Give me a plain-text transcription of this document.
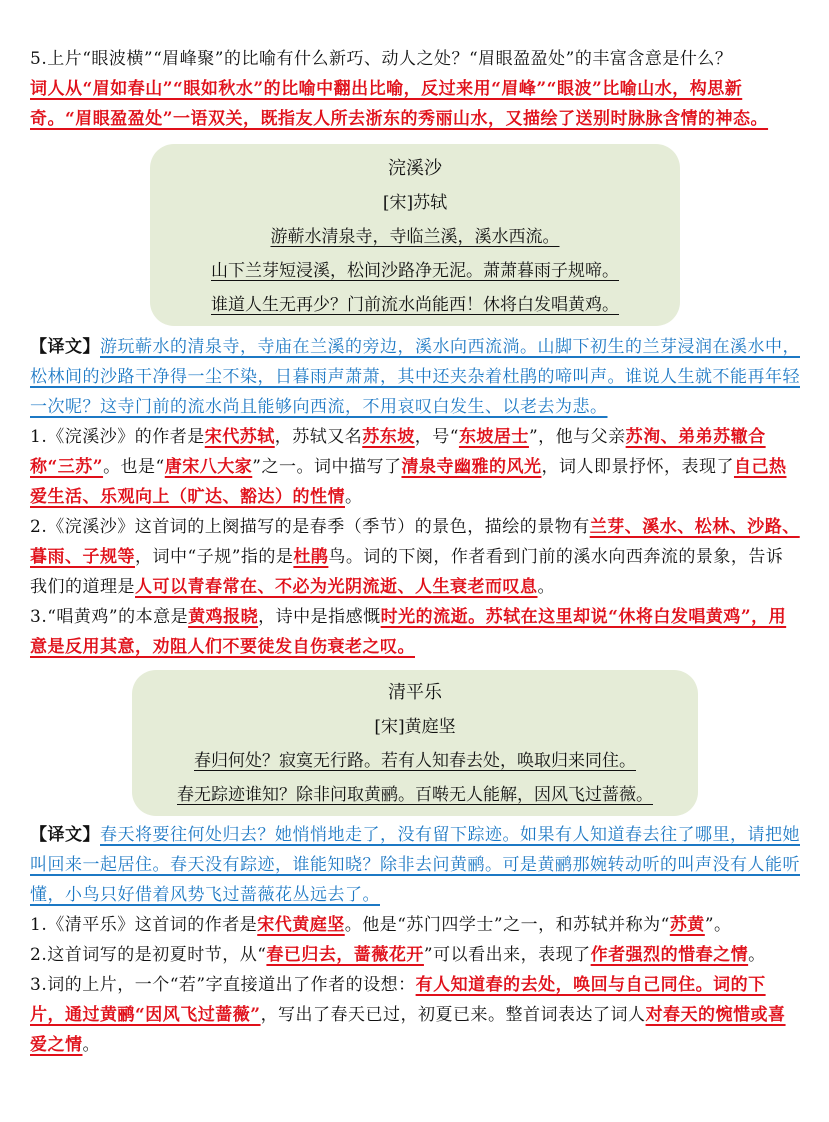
5.上片“眼波横”“眉峰聚”的比喻有什么新巧、动人之处？“眉眼盈盈处”的丰富含意是什么？

词人从“眉如春山”“眼如秋水”的比喻中翻出比喻，反过来用“眉峰”“眼波”比喻山水，构思新奇。“眉眼盈盈处”一语双关，既指友人所去浙东的秀丽山水，又描绘了送别时脉脉含情的神态。

浣溪沙
[宋]苏轼
游蕲水清泉寺，寺临兰溪，溪水西流。
山下兰芽短浸溪，松间沙路净无泥。萧萧暮雨子规啼。
谁道人生无再少？门前流水尚能西！休将白发唱黄鸡。

【译文】游玩蕲水的清泉寺，寺庙在兰溪的旁边，溪水向西流淌。山脚下初生的兰芽浸润在溪水中，松林间的沙路干净得一尘不染，日暮雨声萧萧，其中还夹杂着杜鹃的啼叫声。谁说人生就不能再年轻一次呢？这寺门前的流水尚且能够向西流，不用哀叹白发生、以老去为悲。

1.《浣溪沙》的作者是宋代苏轼，苏轼又名苏东坡，号“东坡居士”，他与父亲苏洵、弟弟苏辙合称“三苏”。也是“唐宋八大家”之一。词中描写了清泉寺幽雅的风光，词人即景抒怀，表现了自己热爱生活、乐观向上（旷达、豁达）的性情。

2.《浣溪沙》这首词的上阕描写的是春季（季节）的景色，描绘的景物有兰芽、溪水、松林、沙路、暮雨、子规等，词中“子规”指的是杜鹃鸟。词的下阕，作者看到门前的溪水向西奔流的景象，告诉我们的道理是人可以青春常在、不必为光阴流逝、人生衰老而叹息。

3.“唱黄鸡”的本意是黄鸡报晓，诗中是指感慨时光的流逝。苏轼在这里却说“休将白发唱黄鸡”，用意是反用其意，劝阻人们不要徒发自伤衰老之叹。

清平乐
[宋]黄庭坚
春归何处？寂寞无行路。若有人知春去处，唤取归来同住。
春无踪迹谁知？除非问取黄鹂。百啭无人能解，因风飞过蔷薇。

【译文】春天将要往何处归去？她悄悄地走了，没有留下踪迹。如果有人知道春去往了哪里，请把她叫回来一起居住。春天没有踪迹，谁能知晓？除非去问黄鹂。可是黄鹂那婉转动听的叫声没有人能听懂，小鸟只好借着风势飞过蔷薇花丛远去了。

1.《清平乐》这首词的作者是宋代黄庭坚。他是“苏门四学士”之一，和苏轼并称为“苏黄”。

2.这首词写的是初夏时节，从“春已归去，蔷薇花开”可以看出来，表现了作者强烈的惜春之情。

3.词的上片，一个“若”字直接道出了作者的设想：有人知道春的去处，唤回与自己同住。词的下片，通过黄鹂“因风飞过蔷薇”，写出了春天已过，初夏已来。整首词表达了词人对春天的惋惜或喜爱之情。
